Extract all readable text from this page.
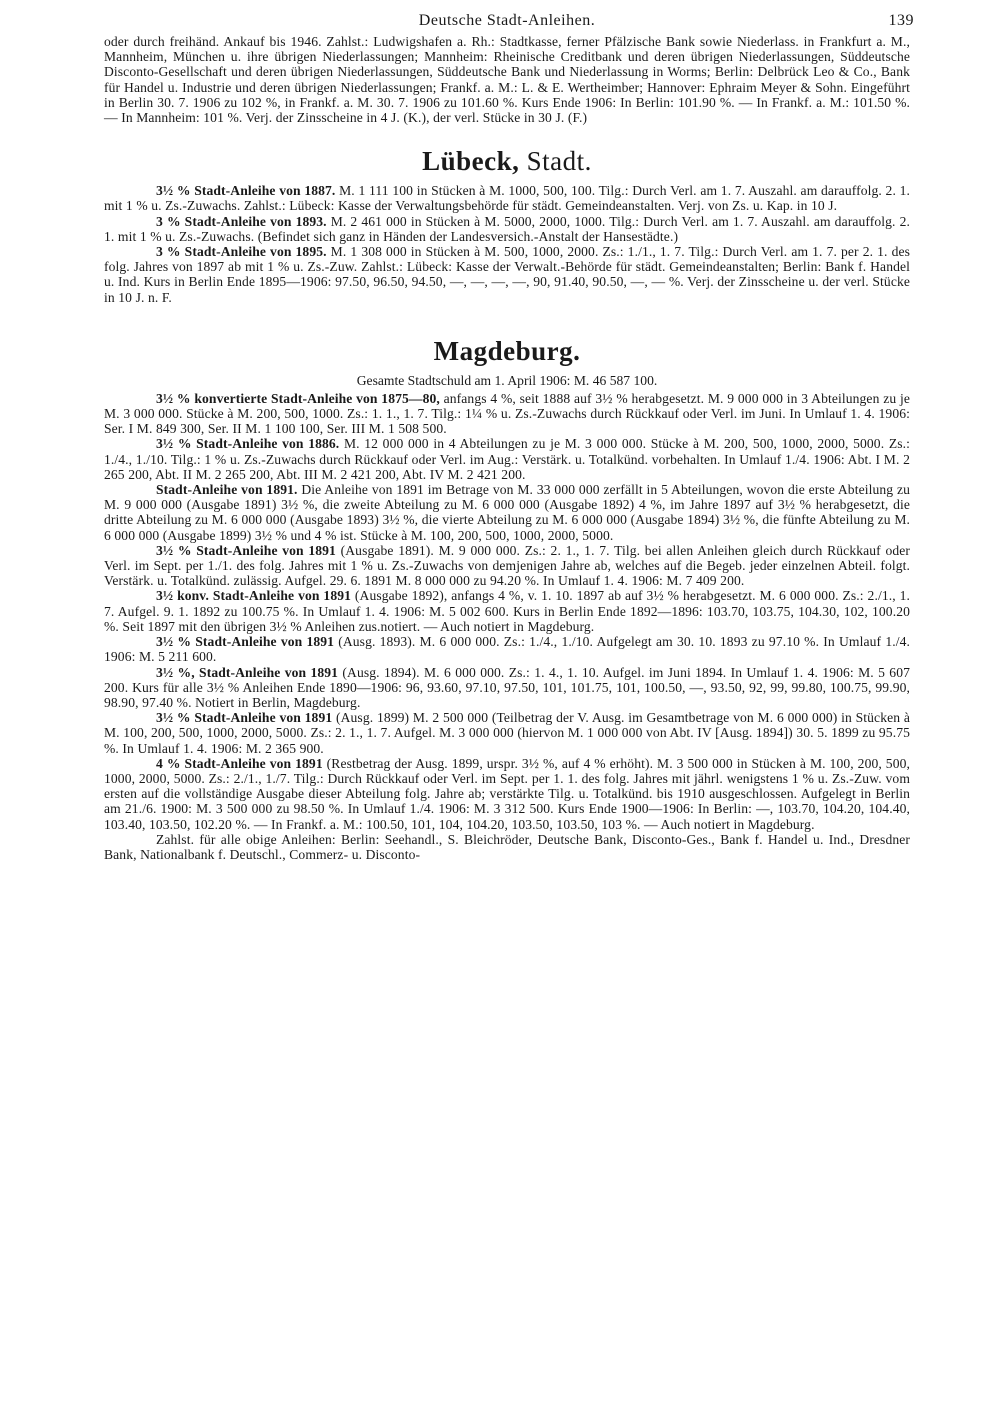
Deutsche Stadt-Anleihen.	139

oder durch freihänd. Ankauf bis 1946. Zahlst.: Ludwigshafen a. Rh.: Stadtkasse, ferner Pfälzische Bank sowie Niederlass. in Frankfurt a. M., Mannheim, München u. ihre übrigen Niederlassungen; Mannheim: Rheinische Creditbank und deren übrigen Niederlassungen, Süddeutsche Disconto-Gesellschaft und deren übrigen Niederlassungen, Süddeutsche Bank und Niederlassung in Worms; Berlin: Delbrück Leo & Co., Bank für Handel u. Industrie und deren übrigen Niederlassungen; Frankf. a. M.: L. & E. Wertheimber; Hannover: Ephraim Meyer & Sohn. Eingeführt in Berlin 30. 7. 1906 zu 102 %, in Frankf. a. M. 30. 7. 1906 zu 101.60 %. Kurs Ende 1906: In Berlin: 101.90 %. — In Frankf. a. M.: 101.50 %. — In Mannheim: 101 %. Verj. der Zinsscheine in 4 J. (K.), der verl. Stücke in 30 J. (F.)

Lübeck, Stadt.

3½ % Stadt-Anleihe von 1887. M. 1 111 100 in Stücken à M. 1000, 500, 100. Tilg.: Durch Verl. am 1. 7. Auszahl. am darauffolg. 2. 1. mit 1 % u. Zs.-Zuwachs. Zahlst.: Lübeck: Kasse der Verwaltungsbehörde für städt. Gemeindeanstalten. Verj. von Zs. u. Kap. in 10 J.

3 % Stadt-Anleihe von 1893. M. 2 461 000 in Stücken à M. 5000, 2000, 1000. Tilg.: Durch Verl. am 1. 7. Auszahl. am darauffolg. 2. 1. mit 1 % u. Zs.-Zuwachs. (Befindet sich ganz in Händen der Landesversich.-Anstalt der Hansestädte.)

3 % Stadt-Anleihe von 1895. M. 1 308 000 in Stücken à M. 500, 1000, 2000. Zs.: 1./1., 1. 7. Tilg.: Durch Verl. am 1. 7. per 2. 1. des folg. Jahres von 1897 ab mit 1 % u. Zs.-Zuw. Zahlst.: Lübeck: Kasse der Verwalt.-Behörde für städt. Gemeindeanstalten; Berlin: Bank f. Handel u. Ind. Kurs in Berlin Ende 1895—1906: 97.50, 96.50, 94.50, —, —, —, —, 90, 91.40, 90.50, —, — %. Verj. der Zinsscheine u. der verl. Stücke in 10 J. n. F.

Magdeburg.
Gesamte Stadtschuld am 1. April 1906: M. 46 587 100.

3½ % konvertierte Stadt-Anleihe von 1875—80, anfangs 4 %, seit 1888 auf 3½ % herabgesetzt. M. 9 000 000 in 3 Abteilungen zu je M. 3 000 000. Stücke à M. 200, 500, 1000. Zs.: 1. 1., 1. 7. Tilg.: 1¼ % u. Zs.-Zuwachs durch Rückkauf oder Verl. im Juni. In Umlauf 1. 4. 1906: Ser. I M. 849 300, Ser. II M. 1 100 100, Ser. III M. 1 508 500.

3½ % Stadt-Anleihe von 1886. M. 12 000 000 in 4 Abteilungen zu je M. 3 000 000. Stücke à M. 200, 500, 1000, 2000, 5000. Zs.: 1./4., 1./10. Tilg.: 1 % u. Zs.-Zuwachs durch Rückkauf oder Verl. im Aug.: Verstärk. u. Totalkünd. vorbehalten. In Umlauf 1./4. 1906: Abt. I M. 2 265 200, Abt. II M. 2 265 200, Abt. III M. 2 421 200, Abt. IV M. 2 421 200.

Stadt-Anleihe von 1891. Die Anleihe von 1891 im Betrage von M. 33 000 000 zerfällt in 5 Abteilungen, wovon die erste Abteilung zu M. 9 000 000 (Ausgabe 1891) 3½ %, die zweite Abteilung zu M. 6 000 000 (Ausgabe 1892) 4 %, im Jahre 1897 auf 3½ % herabgesetzt, die dritte Abteilung zu M. 6 000 000 (Ausgabe 1893) 3½ %, die vierte Abteilung zu M. 6 000 000 (Ausgabe 1894) 3½ %, die fünfte Abteilung zu M. 6 000 000 (Ausgabe 1899) 3½ % und 4 % ist. Stücke à M. 100, 200, 500, 1000, 2000, 5000.

3½ % Stadt-Anleihe von 1891 (Ausgabe 1891). M. 9 000 000. Zs.: 2. 1., 1. 7. Tilg. bei allen Anleihen gleich durch Rückkauf oder Verl. im Sept. per 1./1. des folg. Jahres mit 1 % u. Zs.-Zuwachs von demjenigen Jahre ab, welches auf die Begeb. jeder einzelnen Abteil. folgt. Verstärk. u. Totalkünd. zulässig. Aufgel. 29. 6. 1891 M. 8 000 000 zu 94.20 %. In Umlauf 1. 4. 1906: M. 7 409 200.

3½ konv. Stadt-Anleihe von 1891 (Ausgabe 1892), anfangs 4 %, v. 1. 10. 1897 ab auf 3½ % herabgesetzt. M. 6 000 000. Zs.: 2./1., 1. 7. Aufgel. 9. 1. 1892 zu 100.75 %. In Umlauf 1. 4. 1906: M. 5 002 600. Kurs in Berlin Ende 1892—1896: 103.70, 103.75, 104.30, 102, 100.20 %. Seit 1897 mit den übrigen 3½ % Anleihen zus.notiert. — Auch notiert in Magdeburg.

3½ % Stadt-Anleihe von 1891 (Ausg. 1893). M. 6 000 000. Zs.: 1./4., 1./10. Aufgelegt am 30. 10. 1893 zu 97.10 %. In Umlauf 1./4. 1906: M. 5 211 600.

3½ %, Stadt-Anleihe von 1891 (Ausg. 1894). M. 6 000 000. Zs.: 1. 4., 1. 10. Aufgel. im Juni 1894. In Umlauf 1. 4. 1906: M. 5 607 200. Kurs für alle 3½ % Anleihen Ende 1890—1906: 96, 93.60, 97.10, 97.50, 101, 101.75, 101, 100.50, —, 93.50, 92, 99, 99.80, 100.75, 99.90, 98.90, 97.40 %. Notiert in Berlin, Magdeburg.

3½ % Stadt-Anleihe von 1891 (Ausg. 1899) M. 2 500 000 (Teilbetrag der V. Ausg. im Gesamtbetrage von M. 6 000 000) in Stücken à M. 100, 200, 500, 1000, 2000, 5000. Zs.: 2. 1., 1. 7. Aufgel. M. 3 000 000 (hiervon M. 1 000 000 von Abt. IV [Ausg. 1894]) 30. 5. 1899 zu 95.75 %. In Umlauf 1. 4. 1906: M. 2 365 900.

4 % Stadt-Anleihe von 1891 (Restbetrag der Ausg. 1899, urspr. 3½ %, auf 4 % erhöht). M. 3 500 000 in Stücken à M. 100, 200, 500, 1000, 2000, 5000. Zs.: 2./1., 1./7. Tilg.: Durch Rückkauf oder Verl. im Sept. per 1. 1. des folg. Jahres mit jährl. wenigstens 1 % u. Zs.-Zuw. vom ersten auf die vollständige Ausgabe dieser Abteilung folg. Jahre ab; verstärkte Tilg. u. Totalkünd. bis 1910 ausgeschlossen. Aufgelegt in Berlin am 21./6. 1900: M. 3 500 000 zu 98.50 %. In Umlauf 1./4. 1906: M. 3 312 500. Kurs Ende 1900—1906: In Berlin: —, 103.70, 104.20, 104.40, 103.40, 103.50, 102.20 %. — In Frankf. a. M.: 100.50, 101, 104, 104.20, 103.50, 103.50, 103 %. — Auch notiert in Magdeburg.

Zahlst. für alle obige Anleihen: Berlin: Seehandl., S. Bleichröder, Deutsche Bank, Disconto-Ges., Bank f. Handel u. Ind., Dresdner Bank, Nationalbank f. Deutschl., Commerz- u. Disconto-
